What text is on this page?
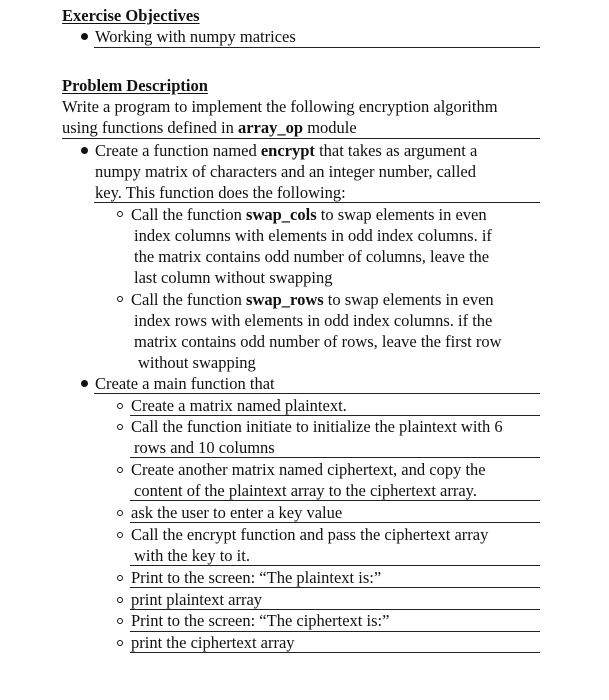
Exercise Objectives
Working with numpy matrices
Problem Description
Write a program to implement the following encryption algorithm
using functions defined in array_op module
Create a function named encrypt that takes as argument a
numpy matrix of characters and an integer number, called
key. This function does the following:
Call the function swap_cols to swap elements in even
index columns with elements in odd index columns. if
the matrix contains odd number of columns, leave the
last column without swapping
Call the function swap_rows to swap elements in even
index rows with elements in odd index columns. if the
matrix contains odd number of rows, leave the first row
without swapping
Create a main function that
Create a matrix named plaintext.
Call the function initiate to initialize the plaintext with 6
rows and 10 columns
Create another matrix named ciphertext, and copy the
content of the plaintext array to the ciphertext array.
ask the user to enter a key value
Call the encrypt function and pass the ciphertext array
with the key to it.
Print to the screen: “The plaintext is:”
print plaintext array
Print to the screen: “The ciphertext is:”
print the ciphertext array
